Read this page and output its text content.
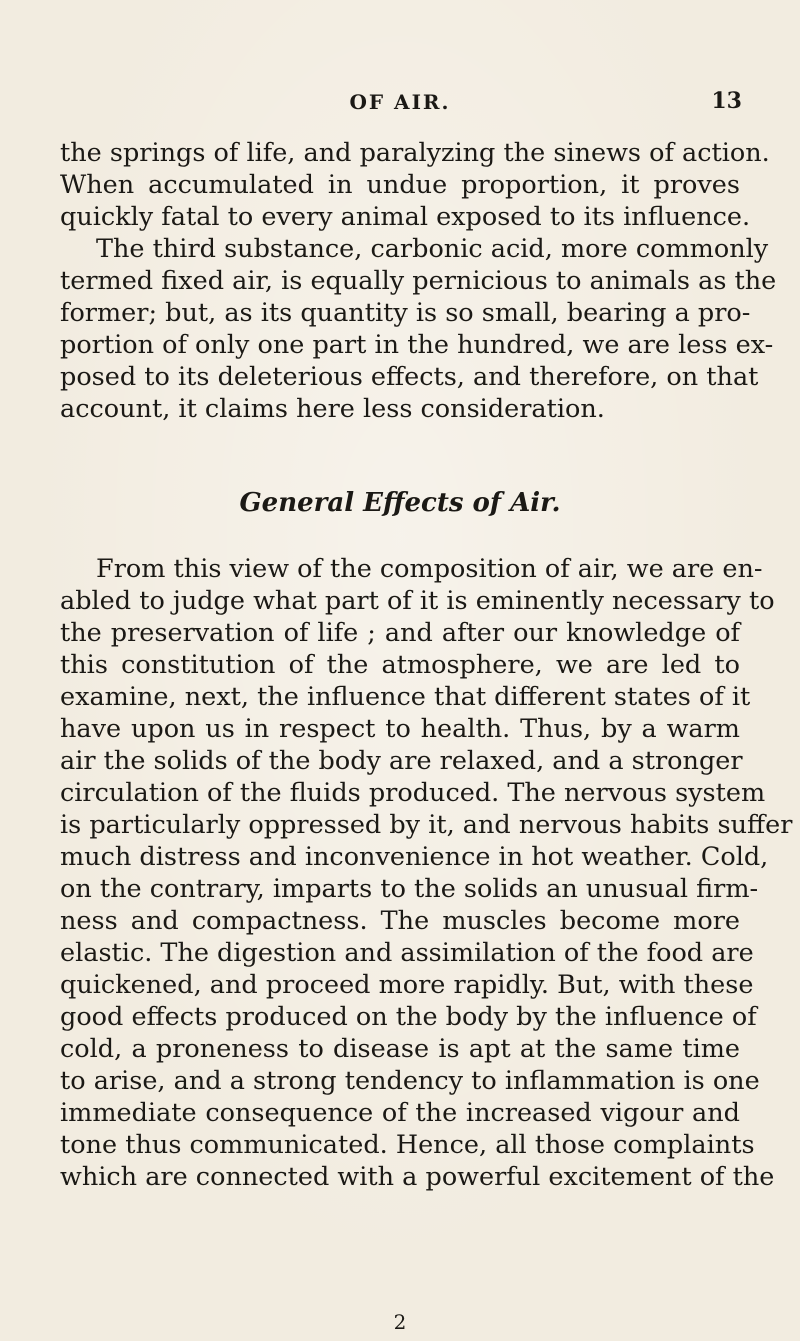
OF AIR.	13
the springs of life, and paralyzing the sinews of action.
When accumulated in undue proportion, it proves
quickly fatal to every animal exposed to its influence.
The third substance, carbonic acid, more commonly
termed fixed air, is equally pernicious to animals as the
former; but, as its quantity is so small, bearing a pro-
portion of only one part in the hundred, we are less ex-
posed to its deleterious effects, and therefore, on that
account, it claims here less consideration.
General Effects of Air.
From this view of the composition of air, we are en-
abled to judge what part of it is eminently necessary to
the preservation of life ; and after our knowledge of
this constitution of the atmosphere, we are led to
examine, next, the influence that different states of it
have upon us in respect to health. Thus, by a warm
air the solids of the body are relaxed, and a stronger
circulation of the fluids produced. The nervous system
is particularly oppressed by it, and nervous habits suffer
much distress and inconvenience in hot weather. Cold,
on the contrary, imparts to the solids an unusual firm-
ness and compactness. The muscles become more
elastic. The digestion and assimilation of the food are
quickened, and proceed more rapidly. But, with these
good effects produced on the body by the influence of
cold, a proneness to disease is apt at the same time
to arise, and a strong tendency to inflammation is one
immediate consequence of the increased vigour and
tone thus communicated. Hence, all those complaints
which are connected with a powerful excitement of the
2
